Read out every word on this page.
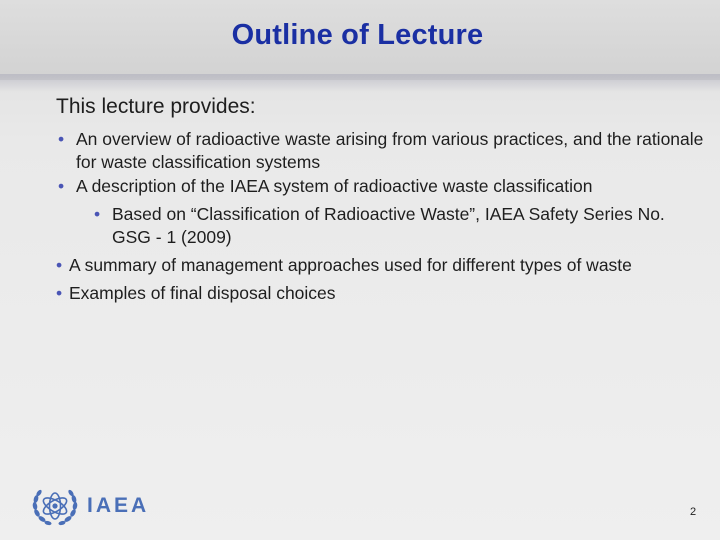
Outline of Lecture

This lecture provides:

• An overview of radioactive waste arising from various practices, and the rationale for waste classification systems
• A description of the IAEA system of radioactive waste classification
• Based on “Classification of Radioactive Waste”, IAEA Safety Series No. GSG - 1 (2009)
• A summary of management approaches used for different types of waste
• Examples of final disposal choices
IAEA	2
